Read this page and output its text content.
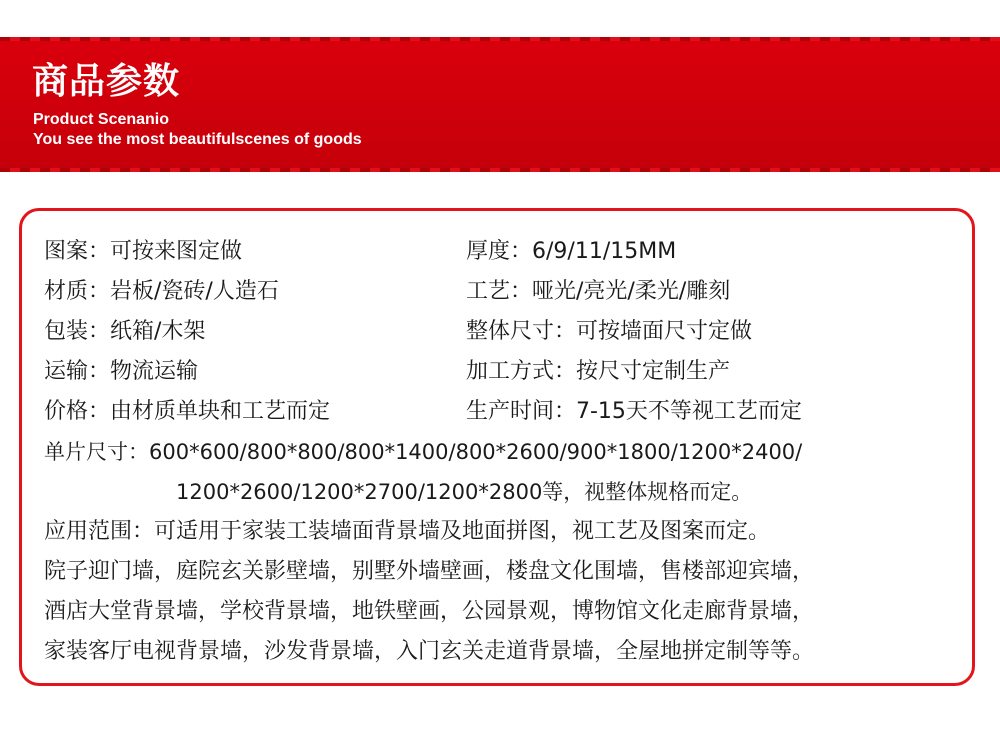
商品参数
Product Scenanio
You see the most beautifulscenes of goods
图案：可按来图定做	厚度：6/9/11/15MM
材质：岩板/瓷砖/人造石	工艺：哑光/亮光/柔光/雕刻
包装：纸箱/木架	整体尺寸：可按墙面尺寸定做
运输：物流运输	加工方式：按尺寸定制生产
价格：由材质单块和工艺而定	生产时间：7-15天不等视工艺而定
单片尺寸：600*600/800*800/800*1400/800*2600/900*1800/1200*2400/
1200*2600/1200*2700/1200*2800等，视整体规格而定。
应用范围：可适用于家装工装墙面背景墙及地面拼图，视工艺及图案而定。
院子迎门墙，庭院玄关影壁墙，别墅外墙壁画，楼盘文化围墙，售楼部迎宾墙，
酒店大堂背景墙，学校背景墙，地铁壁画，公园景观，博物馆文化走廊背景墙，
家装客厅电视背景墙，沙发背景墙，入门玄关走道背景墙，全屋地拼定制等等。
